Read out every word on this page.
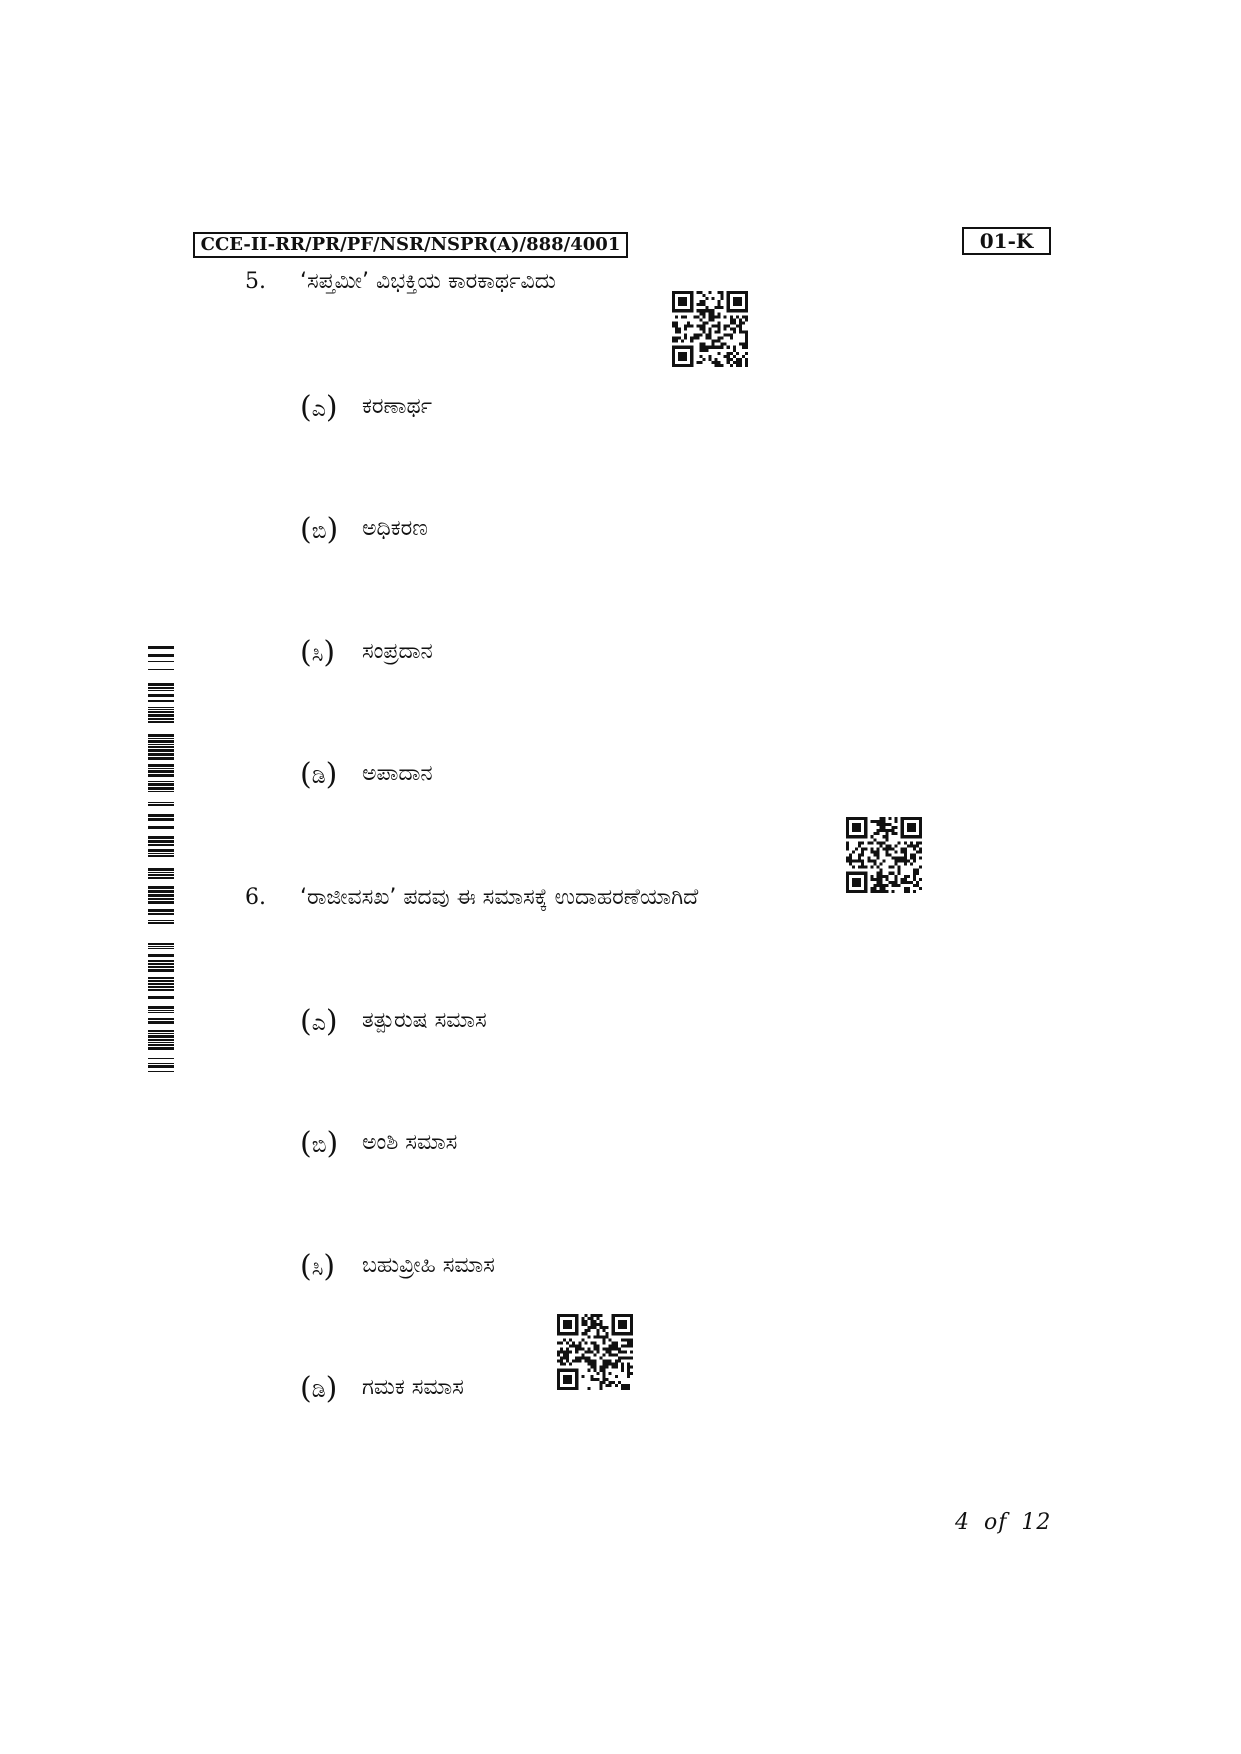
CCE-II-RR/PR/PF/NSR/NSPR(A)/888/4001	01-K
5. ‘ಸಪ್ತಮೀ’ ವಿಭಕ್ತಿಯ ಕಾರಕಾರ್ಥವಿದು
(ಎ)	ಕರಣಾರ್ಥ
(ಬಿ)	ಅಧಿಕರಣ
(ಸಿ)	ಸಂಪ್ರದಾನ
(ಡಿ)	ಅಪಾದಾನ
6. ‘ರಾಜೀವಸಖ’ ಪದವು ಈ ಸಮಾಸಕ್ಕೆ ಉದಾಹರಣೆಯಾಗಿದೆ
(ಎ)	ತತ್ಪುರುಷ ಸಮಾಸ
(ಬಿ)	ಅಂಶಿ ಸಮಾಸ
(ಸಿ)	ಬಹುವ್ರೀಹಿ ಸಮಾಸ
(ಡಿ)	ಗಮಕ ಸಮಾಸ
4 of 12
